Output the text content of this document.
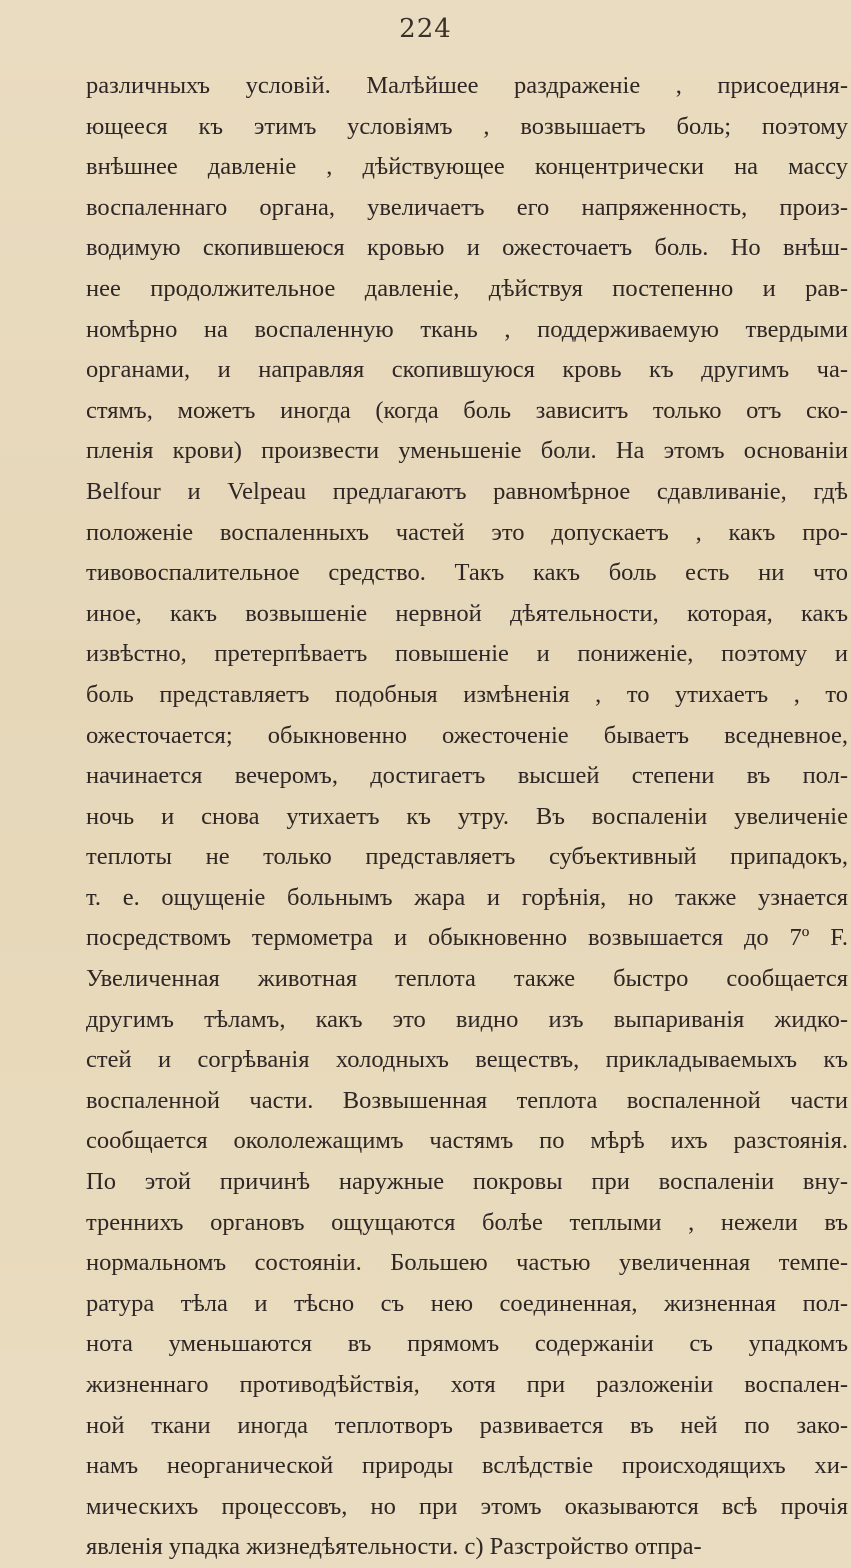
224
различныхъ условій. Малѣйшее раздраженіе , присоединя-
ющееся къ этимъ условіямъ , возвышаетъ боль; поэтому
внѣшнее давленіе , дѣйствующее концентрически на массу
воспаленнаго органа, увеличаетъ его напряженность, произ-
водимую скопившеюся кровью и ожесточаетъ боль. Но внѣш-
нее продолжительное давленіе, дѣйствуя постепенно и рав-
номѣрно на воспаленную ткань , поддерживаемую твердыми
органами, и направляя скопившуюся кровь къ другимъ ча-
стямъ, можетъ иногда (когда боль зависитъ только отъ ско-
пленія крови) произвести уменьшеніе боли. На этомъ основаніи
Belfour и Velpeau предлагаютъ равномѣрное сдавливаніе, гдѣ
положеніе воспаленныхъ частей это допускаетъ , какъ про-
тивовоспалительное средство. Такъ какъ боль есть ни что
иное, какъ возвышеніе нервной дѣятельности, которая, какъ
извѣстно, претерпѣваетъ повышеніе и пониженіе, поэтому и
боль представляетъ подобныя измѣненія , то утихаетъ , то
ожесточается; обыкновенно ожесточеніе бываетъ вседневное,
начинается вечеромъ, достигаетъ высшей степени въ пол-
ночь и снова утихаетъ къ утру. Въ воспаленіи увеличеніе
теплоты не только представляетъ субъективный припадокъ,
т. е. ощущеніе больнымъ жара и горѣнія, но также узнается
посредствомъ термометра и обыкновенно возвышается до 7º F.
Увеличенная животная теплота также быстро сообщается
другимъ тѣламъ, какъ это видно изъ выпариванія жидко-
стей и согрѣванія холодныхъ веществъ, прикладываемыхъ къ
воспаленной части. Возвышенная теплота воспаленной части
сообщается окололежащимъ частямъ по мѣрѣ ихъ разстоянія.
По этой причинѣ наружные покровы при воспаленіи вну-
треннихъ органовъ ощущаются болѣе теплыми , нежели въ
нормальномъ состояніи. Большею частью увеличенная темпе-
ратура тѣла и тѣсно съ нею соединенная, жизненная пол-
нота уменьшаются въ прямомъ содержаніи съ упадкомъ
жизненнаго противодѣйствія, хотя при разложеніи воспален-
ной ткани иногда теплотворъ развивается въ ней по зако-
намъ неорганической природы вслѣдствіе происходящихъ хи-
мическихъ процессовъ, но при этомъ оказываются всѣ прочія
явленія упадка жизнедѣятельности. с) Разстройство отпра-
